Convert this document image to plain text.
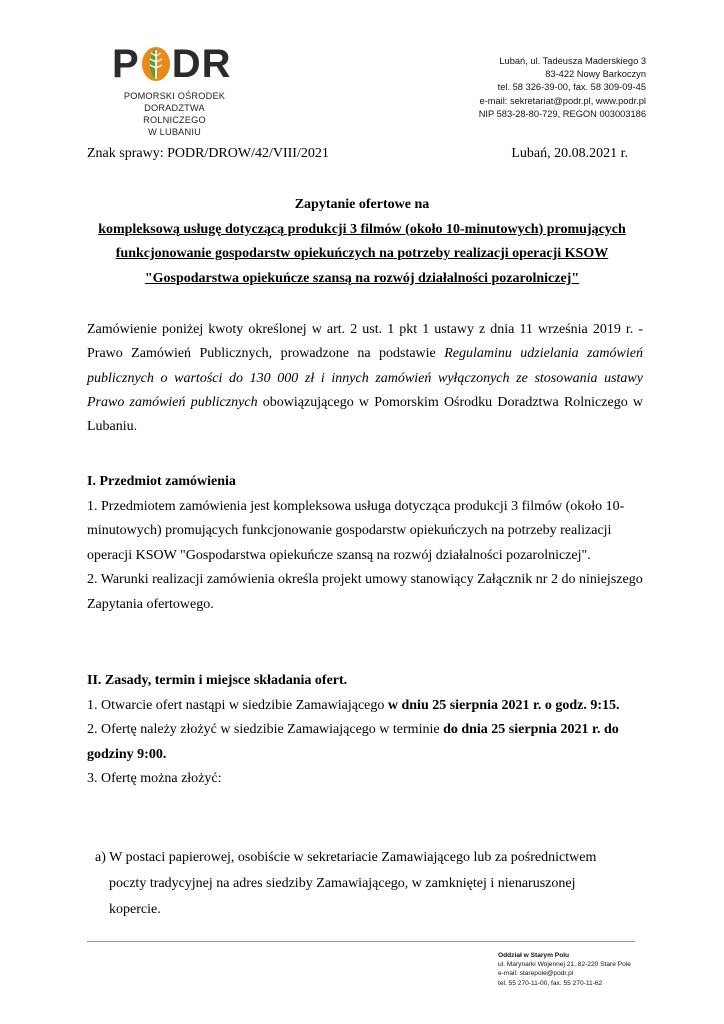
P DR
POMORSKI OŚRODEK
DORADZTWA ROLNICZEGO
W LUBANIU
Lubań, ul. Tadeusza Maderskiego 3
83-422 Nowy Barkoczyn
tel. 58 326-39-00, fax. 58 309-09-45
e-mail: sekretariat@podr.pl, www.podr.pl
NIP 583-28-80-729, REGON 003003186
Znak sprawy: PODR/DROW/42/VIII/2021	Lubań, 20.08.2021 r.
Zapytanie ofertowe na
kompleksową usługę dotyczącą produkcji 3 filmów (około 10-minutowych) promujących
funkcjonowanie gospodarstw opiekuńczych na potrzeby realizacji operacji KSOW
"Gospodarstwa opiekuńcze szansą na rozwój działalności pozarolniczej"
Zamówienie poniżej kwoty określonej w art. 2 ust. 1 pkt 1 ustawy z dnia 11 września 2019 r. - Prawo Zamówień Publicznych, prowadzone na podstawie Regulaminu udzielania zamówień publicznych o wartości do 130 000 zł i innych zamówień wyłączonych ze stosowania ustawy Prawo zamówień publicznych obowiązującego w Pomorskim Ośrodku Doradztwa Rolniczego w Lubaniu.
I. Przedmiot zamówienia

1. Przedmiotem zamówienia jest kompleksowa usługa dotycząca produkcji 3 filmów (około 10-minutowych) promujących funkcjonowanie gospodarstw opiekuńczych na potrzeby realizacji operacji KSOW "Gospodarstwa opiekuńcze szansą na rozwój działalności pozarolniczej".

2. Warunki realizacji zamówienia określa projekt umowy stanowiący Załącznik nr 2 do niniejszego Zapytania ofertowego.

II. Zasady, termin i miejsce składania ofert.

1. Otwarcie ofert nastąpi w siedzibie Zamawiającego w dniu 25 sierpnia 2021 r. o godz. 9:15.

2. Ofertę należy złożyć w siedzibie Zamawiającego w terminie do dnia 25 sierpnia 2021 r. do godziny 9:00.

3. Ofertę można złożyć:

a) W postaci papierowej, osobiście w sekretariacie Zamawiającego lub za pośrednictwem

poczty tradycyjnej na adres siedziby Zamawiającego, w zamkniętej i nienaruszonej

kopercie.

Oddział w Starym Polu
ul. Marynarki Wojennej 21, 82-220 Stare Pole
e-mail: starepole@podr.pl
tel. 55 270-11-00, fax. 55 270-11-62
